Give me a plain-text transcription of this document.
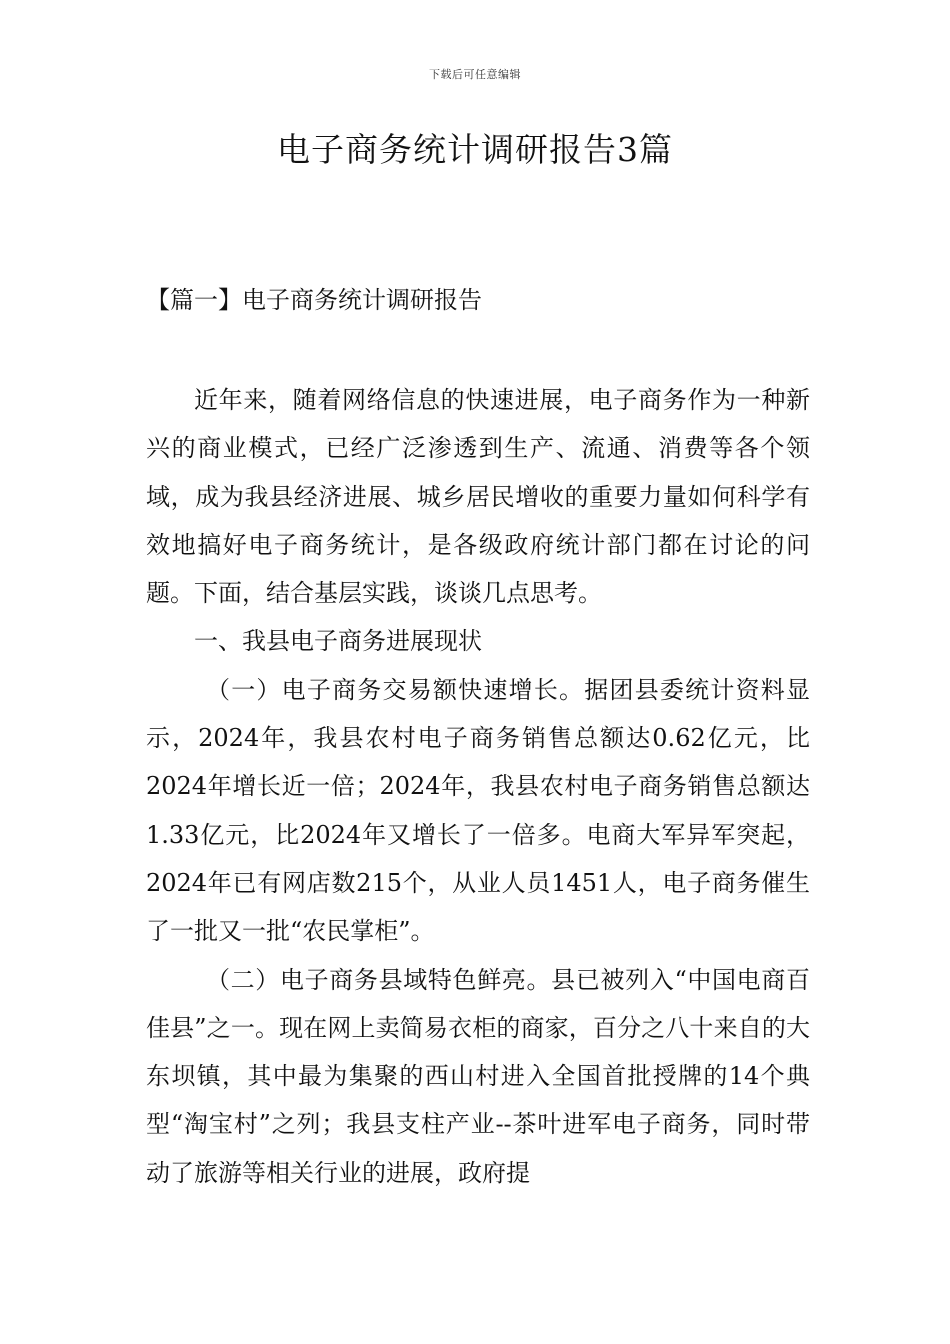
下载后可任意编辑
电子商务统计调研报告3篇
【篇一】电子商务统计调研报告

近年来，随着网络信息的快速进展，电子商务作为一种新兴的商业模式，已经广泛渗透到生产、流通、消费等各个领域，成为我县经济进展、城乡居民增收的重要力量如何科学有效地搞好电子商务统计，是各级政府统计部门都在讨论的问题。下面，结合基层实践，谈谈几点思考。

一、我县电子商务进展现状

（一）电子商务交易额快速增长。据团县委统计资料显示，2024年，我县农村电子商务销售总额达0.62亿元，比2024年增长近一倍；2024年，我县农村电子商务销售总额达1.33亿元，比2024年又增长了一倍多。电商大军异军突起，2024年已有网店数215个，从业人员1451人，电子商务催生了一批又一批“农民掌柜”。

（二）电子商务县域特色鲜亮。县已被列入“中国电商百佳县”之一。现在网上卖简易衣柜的商家，百分之八十来自的大东坝镇，其中最为集聚的西山村进入全国首批授牌的14个典型“淘宝村”之列；我县支柱产业--茶叶进军电子商务，同时带动了旅游等相关行业的进展，政府提
